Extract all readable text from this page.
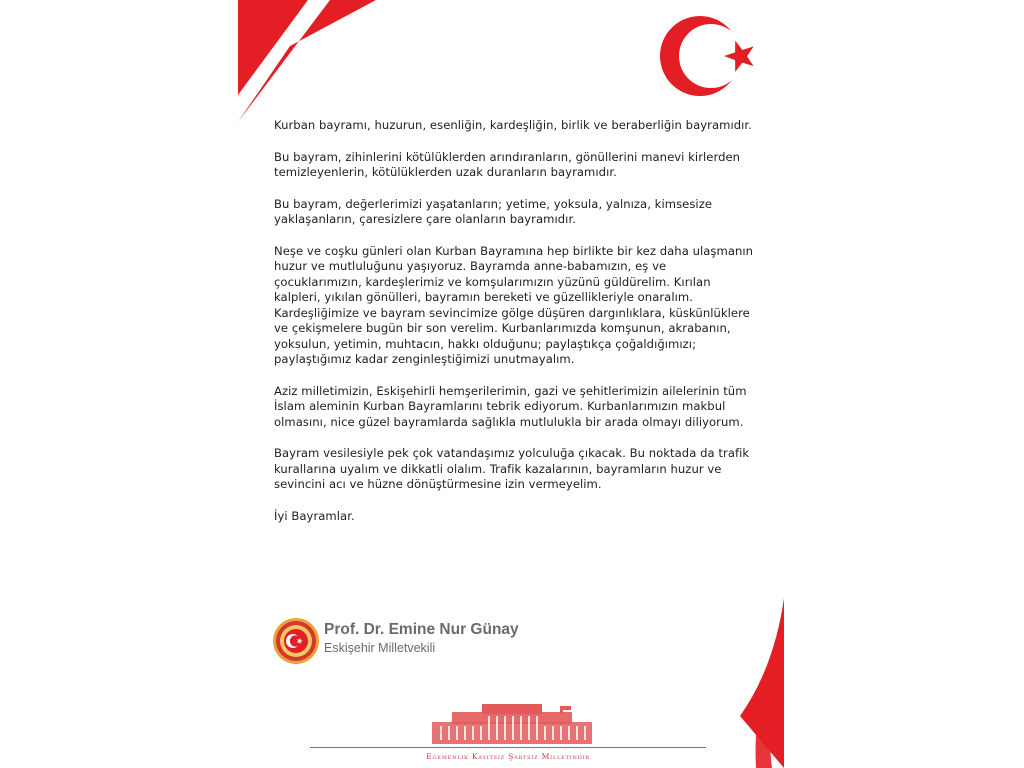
Kurban bayramı, huzurun, esenliğin, kardeşliğin, birlik ve beraberliğin bayramıdır.

Bu bayram, zihinlerini kötülüklerden arındıranların, gönüllerini manevi kirlerden temizleyenlerin, kötülüklerden uzak duranların bayramıdır.

Bu bayram, değerlerimizi yaşatanların; yetime, yoksula, yalnıza, kimsesize yaklaşanların, çaresizlere çare olanların bayramıdır.

Neşe ve coşku günleri olan Kurban Bayramına hep birlikte bir kez daha ulaşmanın huzur ve mutluluğunu yaşıyoruz. Bayramda anne-babamızın, eş ve çocuklarımızın, kardeşlerimiz ve komşularımızın yüzünü güldürelim. Kırılan kalpleri, yıkılan gönülleri, bayramın bereketi ve güzellikleriyle onaralım. Kardeşliğimize ve bayram sevincimize gölge düşüren dargınlıklara, küskünlüklere ve çekişmelere bugün bir son verelim. Kurbanlarımızda komşunun, akrabanın, yoksulun, yetimin, muhtacın, hakkı olduğunu; paylaştıkça çoğaldığımızı; paylaştığımız kadar zenginleştiğimizi unutmayalım.

Aziz milletimizin, Eskişehirli hemşerilerimin, gazi ve şehitlerimizin ailelerinin tüm İslam aleminin Kurban Bayramlarını tebrik ediyorum. Kurbanlarımızın makbul olmasını, nice güzel bayramlarda sağlıkla mutlulukla bir arada olmayı diliyorum.

Bayram vesilesiyle pek çok vatandaşımız yolculuğa çıkacak. Bu noktada da trafik kurallarına uyalım ve dikkatli olalım. Trafik kazalarının, bayramların huzur ve sevincini acı ve hüzne dönüştürmesine izin vermeyelim.

İyi Bayramlar.

Prof. Dr. Emine Nur Günay
Eskişehir Milletvekili
Egemenlik Kayıtsız Şartsız Milletindir
